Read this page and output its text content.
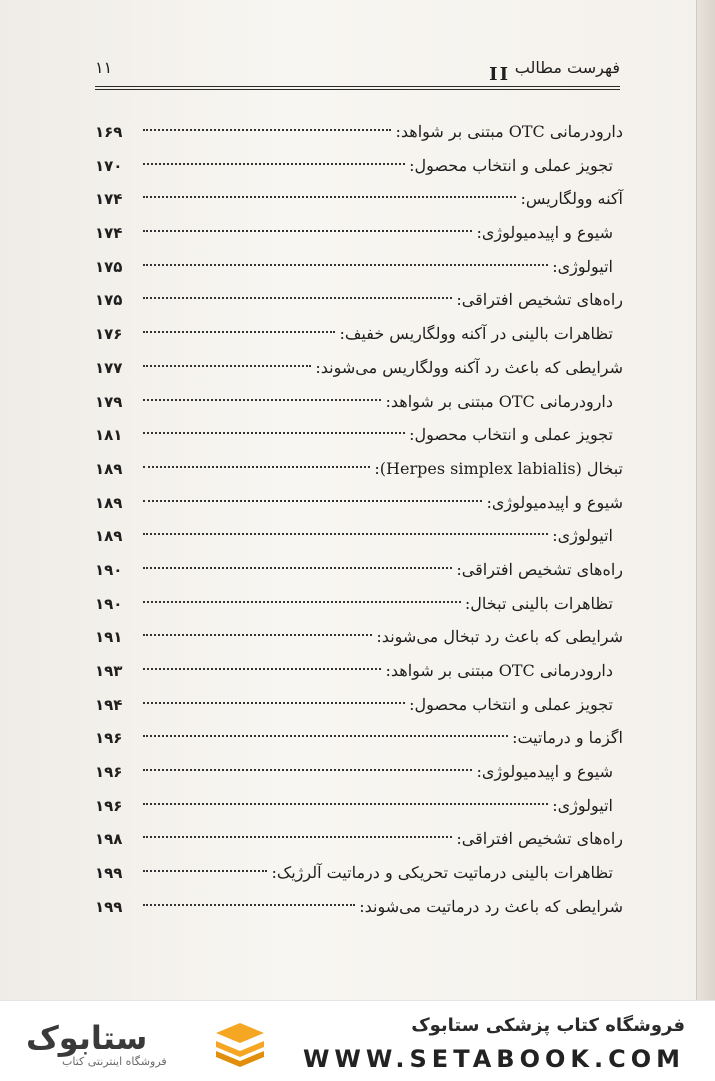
فهرست مطالب
II
۱۱
دارودرمانی OTC مبتنی بر شواهد:
۱۶۹
تجویز عملی و انتخاب محصول:
۱۷۰
آکنه وولگاریس:
۱۷۴
شیوع و اپیدمیولوژی:
۱۷۴
اتیولوژی:
۱۷۵
راه‌های تشخیص افتراقی:
۱۷۵
تظاهرات بالینی در آکنه وولگاریس خفیف:
۱۷۶
شرایطی که باعث رد آکنه وولگاریس می‌شوند:
۱۷۷
دارودرمانی OTC مبتنی بر شواهد:
۱۷۹
تجویز عملی و انتخاب محصول:
۱۸۱
تبخال (Herpes simplex labialis):
۱۸۹
شیوع و اپیدمیولوژی:
۱۸۹
اتیولوژی:
۱۸۹
راه‌های تشخیص افتراقی:
۱۹۰
تظاهرات بالینی تبخال:
۱۹۰
شرایطی که باعث رد تبخال می‌شوند:
۱۹۱
دارودرمانی OTC مبتنی بر شواهد:
۱۹۳
تجویز عملی و انتخاب محصول:
۱۹۴
اگزما و درماتیت:
۱۹۶
شیوع و اپیدمیولوژی:
۱۹۶
اتیولوژی:
۱۹۶
راه‌های تشخیص افتراقی:
۱۹۸
تظاهرات بالینی درماتیت تحریکی و درماتیت آلرژیک:
۱۹۹
شرایطی که باعث رد درماتیت می‌شوند:
۱۹۹
ستابوک
فروشگاه اینترنتی کتاب
فروشگاه کتاب پزشکی ستابوک
WWW.SETABOOK.COM
